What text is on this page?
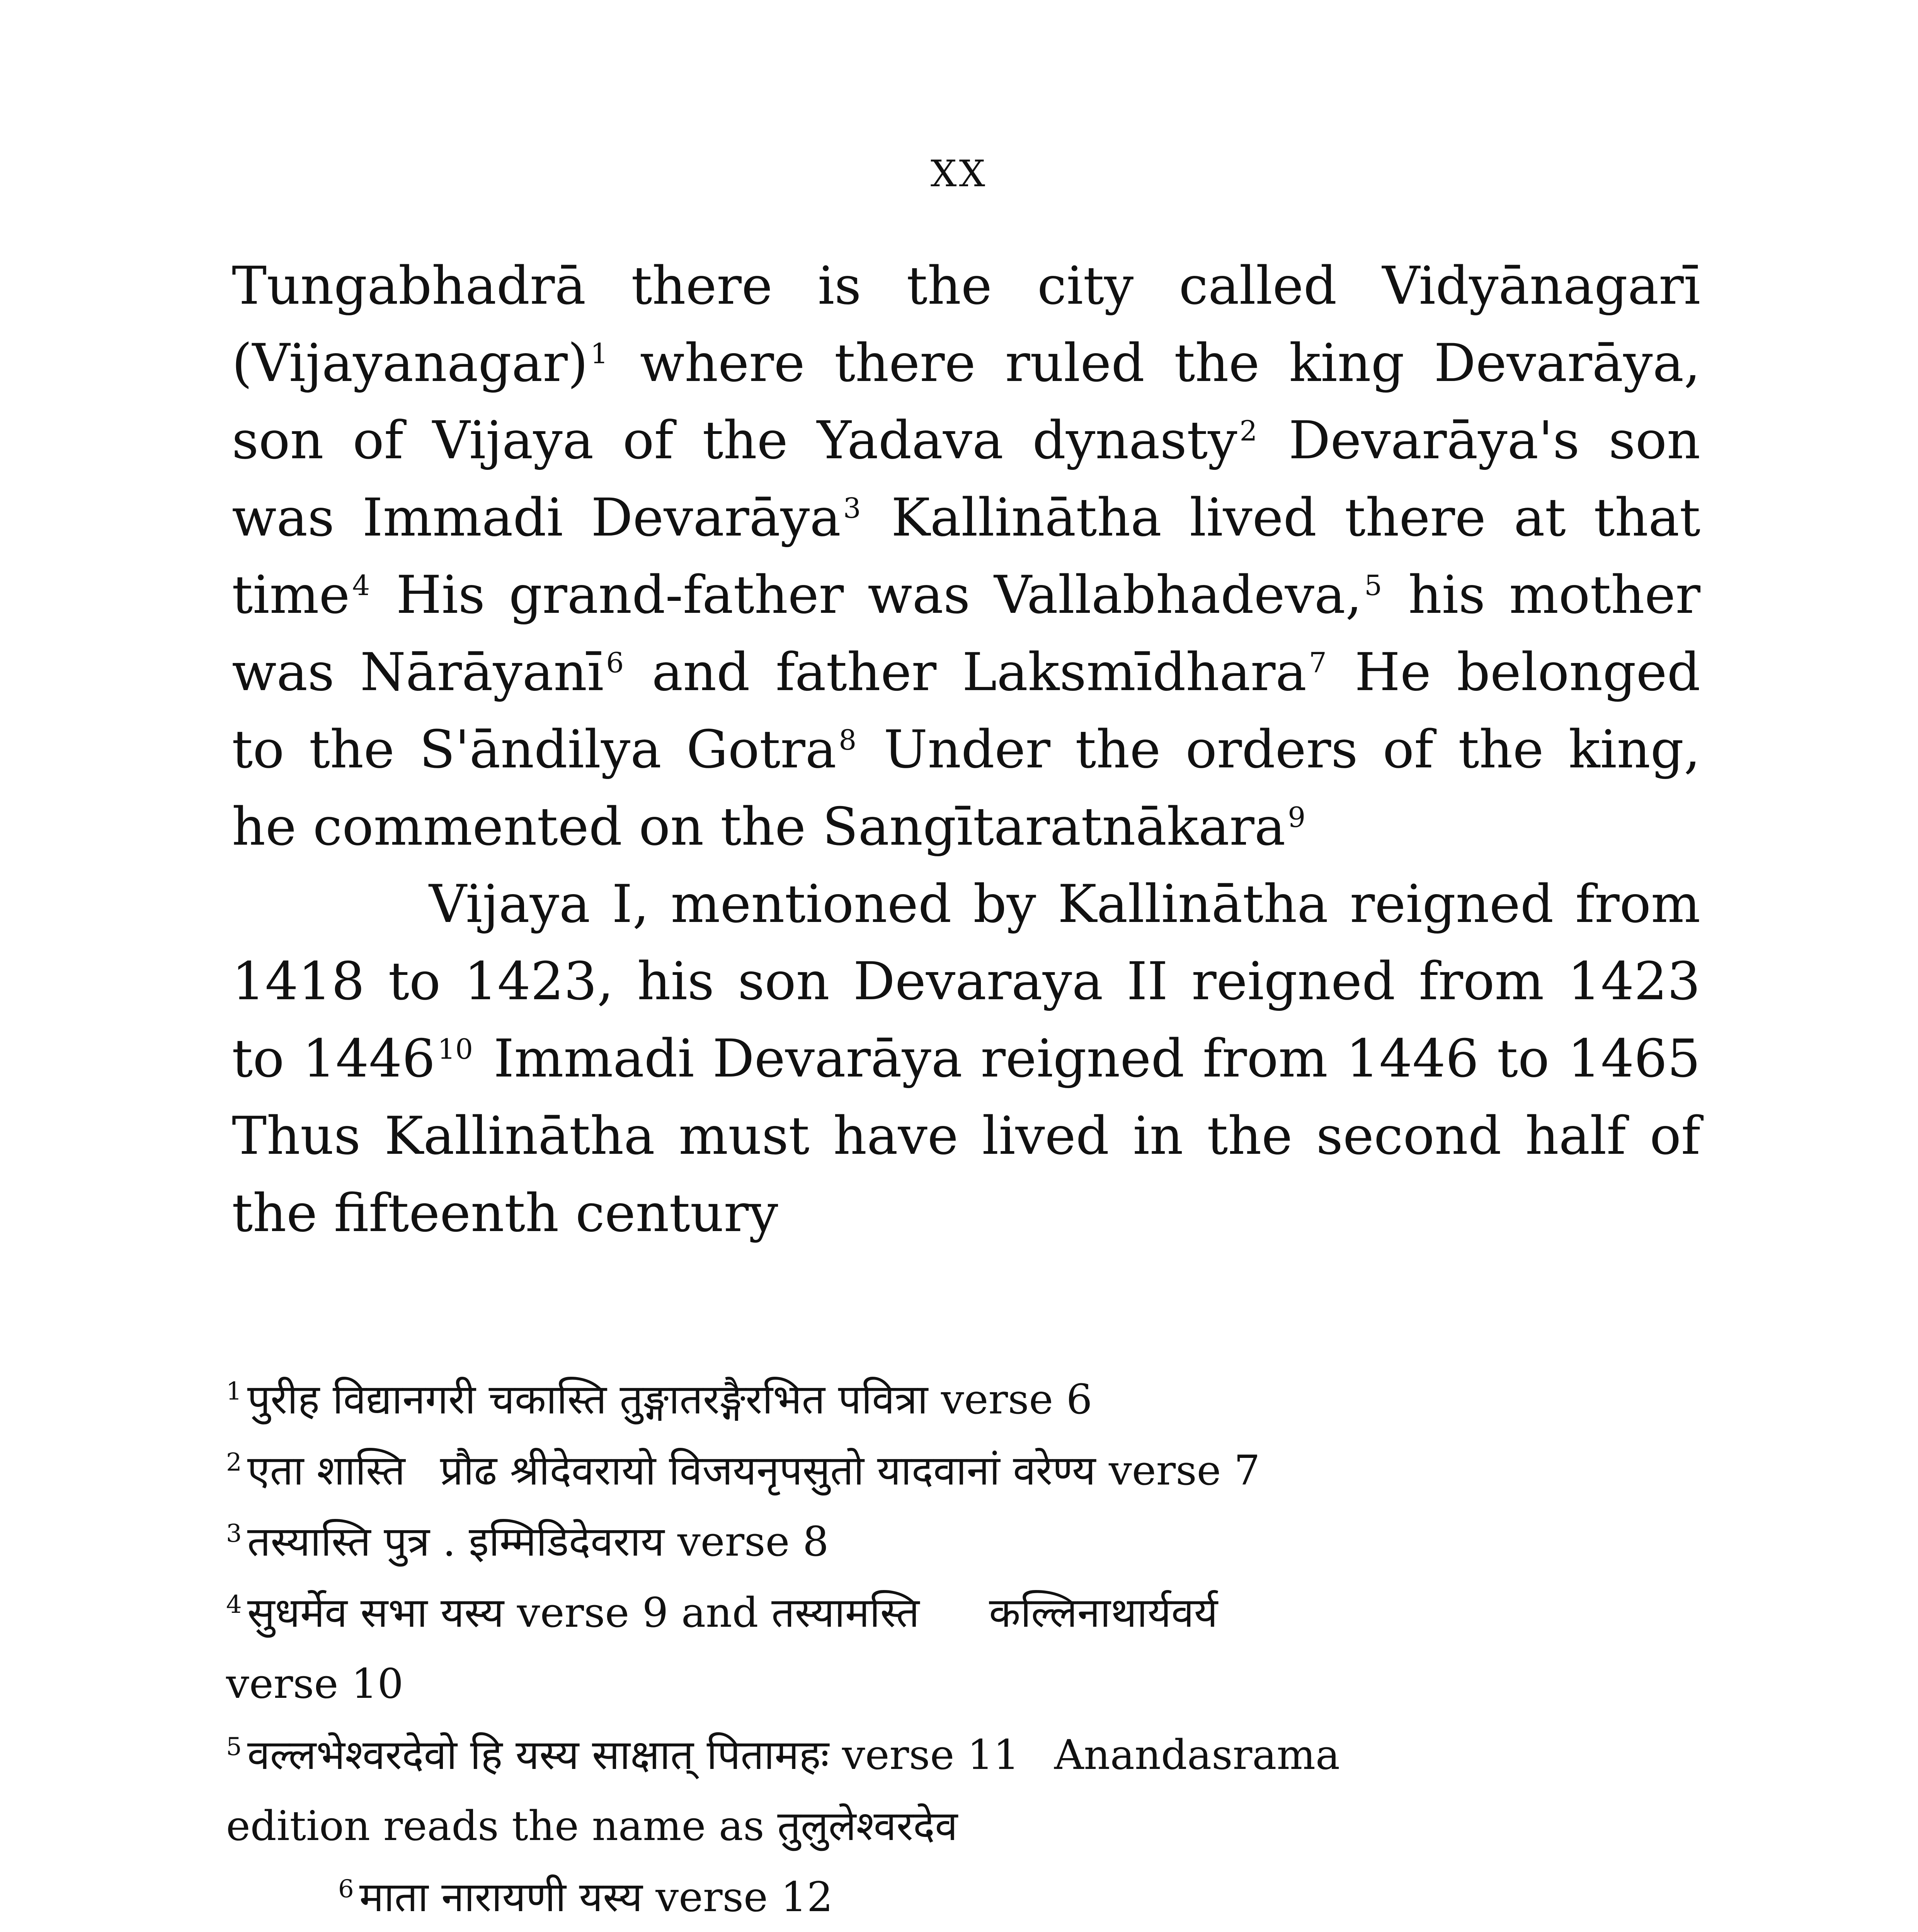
XX

Tungabhadrā there is the city called Vidyānagarī (Vijayanagar)$^1$ where there ruled the king Devarāya, son of Vijaya of the Yadava dynasty$^2$ Devarāya's son was Immadi Devarāya$^3$ Kallinātha lived there at that time$^4$ His grand-father was Vallabhadeva,$^5$ his mother was Nārāyanī$^6$ and father Laksmīdhara$^7$ He belonged to the S'āndilya Gotra$^8$ Under the orders of the king, he commented on the Sangītaratnākara$^9$

Vijaya I, mentioned by Kallinātha reigned from 1418 to 1423, his son Devaraya II reigned from 1423 to 1446$^{10}$ Immadi Devarāya reigned from 1446 to 1465 Thus Kallinātha must have lived in the second half of the fifteenth century

$^1$ पुरीह विद्यानगरी चकास्ति तुङ्गातरङ्गैरभित पवित्रा verse 6
$^2$ एता शास्ति प्रौढ श्रीदेवरायो विजयनृपसुतो यादवानां वरेण्य verse 7
$^3$ तस्यास्ति पुत्र . इम्मिडिदेवराय verse 8
$^4$ सुधर्मेव सभा यस्य verse 9 and तस्यामस्ति कल्लिनाथार्यवर्य
verse 10
$^5$ वल्लभेश्वरदेवो हि यस्य साक्षात् पितामहः verse 11 Anandasrama
edition reads the name as तुलुलेश्वरदेव
$^6$ माता नारायणी यस्य verse 12
